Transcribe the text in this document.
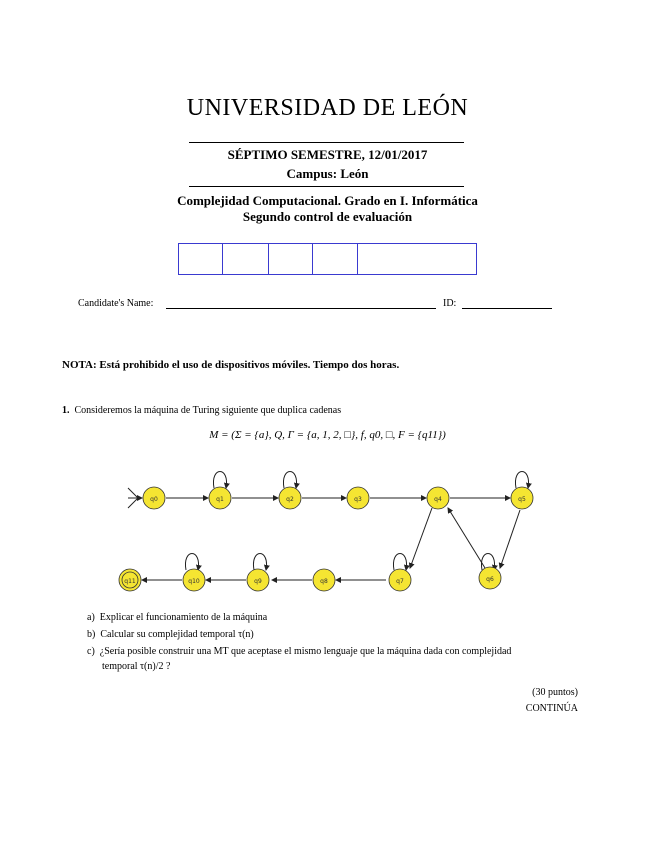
UNIVERSIDAD DE LEÓN
SÉPTIMO SEMESTRE, 12/01/2017
Campus: León
Complejidad Computacional. Grado en I. Informática
Segundo control de evaluación
Candidate's Name:	ID:
NOTA: Está prohibido el uso de dispositivos móviles. Tiempo dos horas.
1. Consideremos la máquina de Turing siguiente que duplica cadenas
M = (Σ = {a}, Q, Γ = {a, 1, 2, □}, f, q0, □, F = {q11})
q0	q1	q2	q3	q4	q5
q6
q7
q8
q9
q10
q11
a) Explicar el funcionamiento de la máquina
b) Calcular su complejidad temporal τ(n)
c) ¿Sería posible construir una MT que aceptase el mismo lenguaje que la máquina dada con complejidad
temporal τ(n)/2 ?
(30 puntos)
CONTINÚA
